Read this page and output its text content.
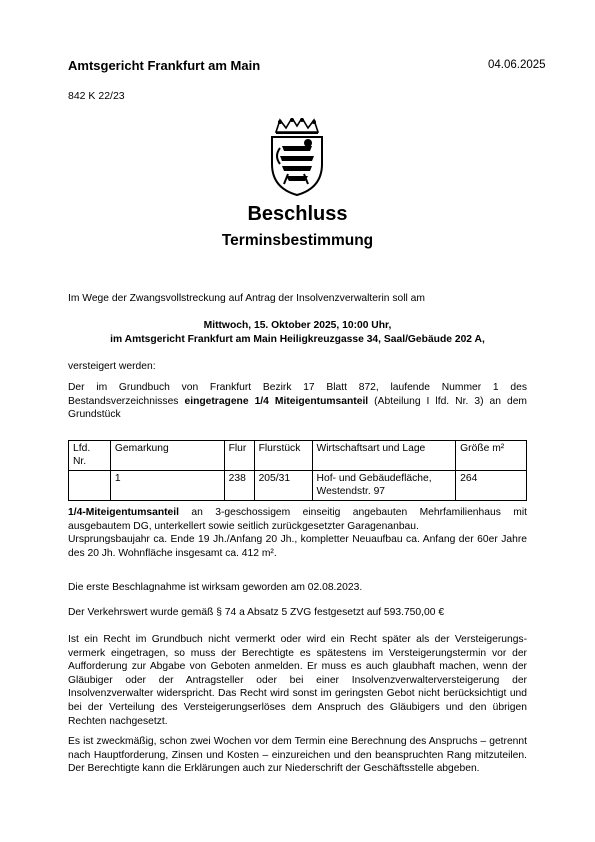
Amtsgericht Frankfurt am Main	04.06.2025
842 K 22/23
Beschluss
Terminsbestimmung
Im Wege der Zwangsvollstreckung auf Antrag der Insolvenzverwalterin soll am
Mittwoch, 15. Oktober 2025, 10:00 Uhr,
im Amtsgericht Frankfurt am Main Heiligkreuzgasse 34, Saal/Gebäude 202 A,
versteigert werden:
Der im Grundbuch von Frankfurt Bezirk 17 Blatt 872, laufende Nummer 1 des Bestandsverzeichnisses eingetragene 1/4 Miteigentumsanteil (Abteilung I lfd. Nr. 3) an dem Grundstück
Lfd. Nr.	Gemarkung	Flur	Flurstück	Wirtschaftsart und Lage	Größe m²
	1	238	205/31	Hof- und Gebäudefläche, Westendstr. 97	264
1/4-Miteigentumsanteil an 3-geschossigem einseitig angebauten Mehrfamilienhaus mit ausgebautem DG, unterkellert sowie seitlich zurückgesetzter Garagenanbau.
Ursprungsbaujahr ca. Ende 19 Jh./Anfang 20 Jh., kompletter Neuaufbau ca. Anfang der 60er Jahre des 20 Jh. Wohnfläche insgesamt ca. 412 m².
Die erste Beschlagnahme ist wirksam geworden am 02.08.2023.
Der Verkehrswert wurde gemäß § 74 a Absatz 5 ZVG festgesetzt auf 593.750,00 €
Ist ein Recht im Grundbuch nicht vermerkt oder wird ein Recht später als der Versteigerungs-vermerk eingetragen, so muss der Berechtigte es spätestens im Versteigerungstermin vor der Aufforderung zur Abgabe von Geboten anmelden. Er muss es auch glaubhaft machen, wenn der Gläubiger oder der Antragsteller oder bei einer Insolvenzverwalterversteigerung der Insolvenzverwalter widerspricht. Das Recht wird sonst im geringsten Gebot nicht berücksichtigt und bei der Verteilung des Versteigerungserlöses dem Anspruch des Gläubigers und den übrigen Rechten nachgesetzt.
Es ist zweckmäßig, schon zwei Wochen vor dem Termin eine Berechnung des Anspruchs – getrennt nach Hauptforderung, Zinsen und Kosten – einzureichen und den beanspruchten Rang mitzuteilen. Der Berechtigte kann die Erklärungen auch zur Niederschrift der Geschäftsstelle abgeben.
